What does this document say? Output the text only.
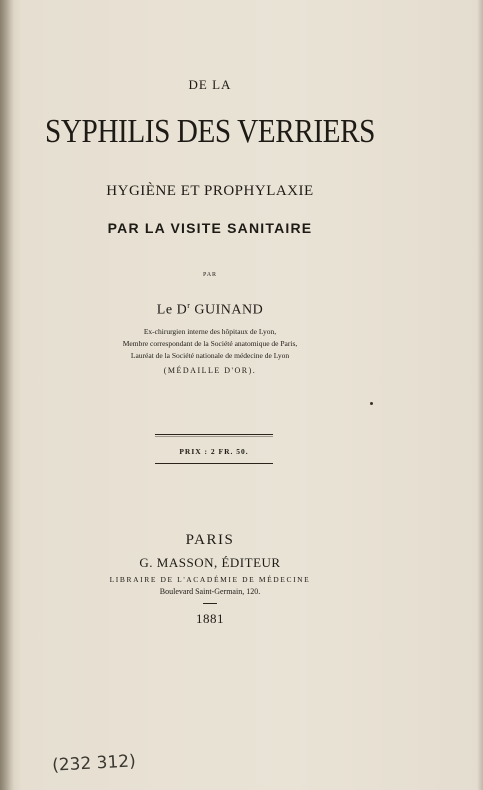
DE LA
SYPHILIS DES VERRIERS
HYGIÈNE ET PROPHYLAXIE
PAR LA VISITE SANITAIRE
PAR
Le $D^r$ GUINAND
Ex-chirurgien interne des hôpitaux de Lyon,
Membre correspondant de la Société anatomique de Paris,
Lauréat de la Société nationale de médecine de Lyon
(MÉDAILLE D'OR).
PRIX : 2 FR. 50.
PARIS
G. MASSON, ÉDITEUR
LIBRAIRE DE L'ACADÉMIE DE MÉDECINE
Boulevard Saint-Germain, 120.
1881
(232 312)
